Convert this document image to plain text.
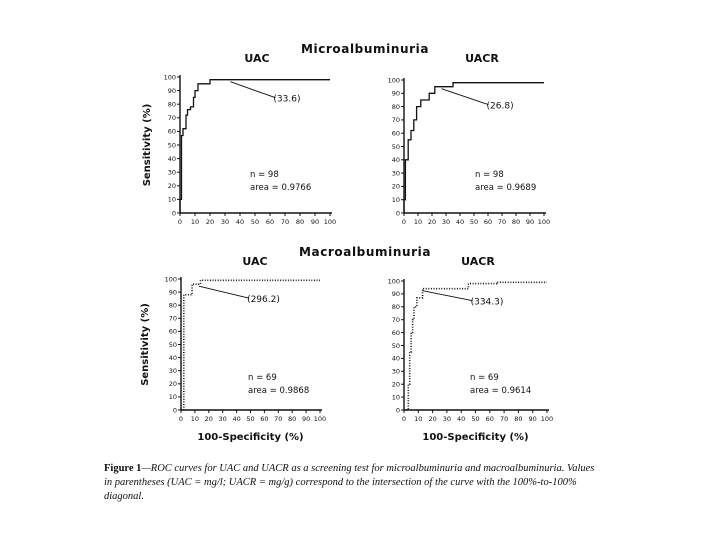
Microalbuminuria
Macroalbuminuria
0
10
20
30
40
50
60
70
80
90
100
0 10 20 30 40 50 60 70 80 90 100
UAC
Sensitivity (%)
(33.6)
n = 98
area = 0.9766
0
10
20
30
40
50
60
70
80
90
100
0 10 20 30 40 50 60 70 80 90 100
UACR
(26.8)
n = 98
area = 0.9689
0
10
20
30
40
50
60
70
80
90
100
0 10 20 30 40 50 60 70 80 90 100
UAC
Sensitivity (%)
100-Specificity (%)
(296.2)
n = 69
area = 0.9868
0
10
20
30
40
50
60
70
80
90
100
0 10 20 30 40 50 60 70 80 90 100
UACR
100-Specificity (%)
(334.3)
n = 69
area = 0.9614
Figure 1—ROC curves for UAC and UACR as a screening test for microalbuminuria and macroalbuminuria. Values in parentheses (UAC = mg/l; UACR = mg/g) correspond to the intersection of the curve with the 100%-to-100% diagonal.
